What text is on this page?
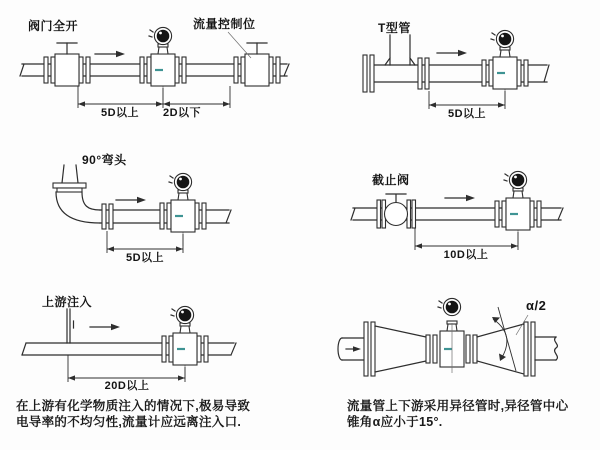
阀门全开	流量控制位
5D以上	2D以下
T型管
5D以上
90°弯头
5D以上
截止阀
10D以上
上游注入
20D以上
α/2
在上游有化学物质注入的情况下,极易导致
电导率的不均匀性,流量计应远离注入口.
流量管上下游采用异径管时,异径管中心
锥角α应小于15°.
